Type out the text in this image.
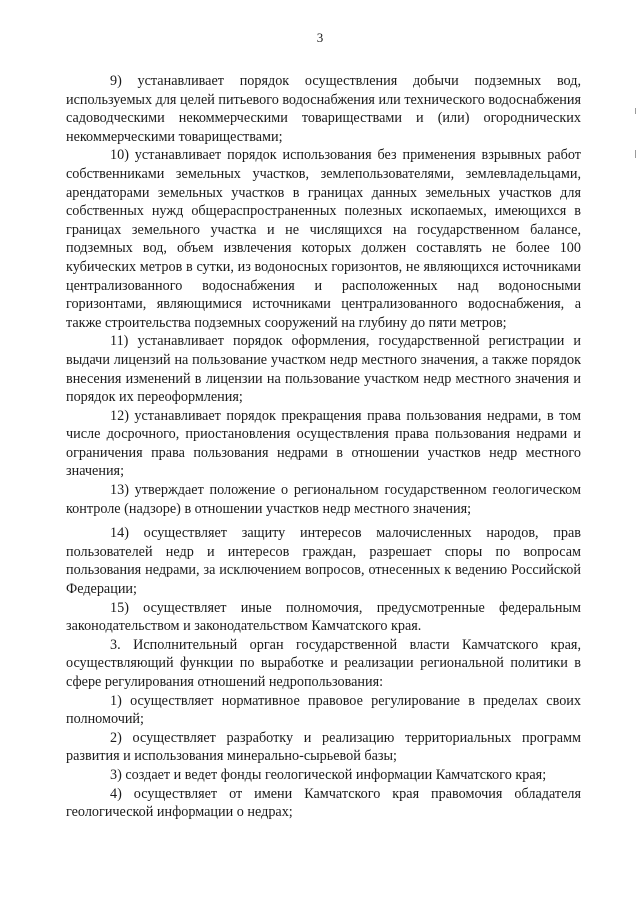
3

9) устанавливает порядок осуществления добычи подземных вод, используемых для целей питьевого водоснабжения или технического водоснабжения садоводческими некоммерческими товариществами и (или) огороднических некоммерческими товариществами;

10) устанавливает порядок использования без применения взрывных работ собственниками земельных участков, землепользователями, землевладельцами, арендаторами земельных участков в границах данных земельных участков для собственных нужд общераспространенных полезных ископаемых, имеющихся в границах земельного участка и не числящихся на государственном балансе, подземных вод, объем извлечения которых должен составлять не более 100 кубических метров в сутки, из водоносных горизонтов, не являющихся источниками централизованного водоснабжения и расположенных над водоносными горизонтами, являющимися источниками централизованного водоснабжения, а также строительства подземных сооружений на глубину до пяти метров;

11) устанавливает порядок оформления, государственной регистрации и выдачи лицензий на пользование участком недр местного значения, а также порядок внесения изменений в лицензии на пользование участком недр местного значения и порядок их переоформления;

12) устанавливает порядок прекращения права пользования недрами, в том числе досрочного, приостановления осуществления права пользования недрами и ограничения права пользования недрами в отношении участков недр местного значения;

13) утверждает положение о региональном государственном геологическом контроле (надзоре) в отношении участков недр местного значения;

14) осуществляет защиту интересов малочисленных народов, прав пользователей недр и интересов граждан, разрешает споры по вопросам пользования недрами, за исключением вопросов, отнесенных к ведению Российской Федерации;

15) осуществляет иные полномочия, предусмотренные федеральным законодательством и законодательством Камчатского края.

3. Исполнительный орган государственной власти Камчатского края, осуществляющий функции по выработке и реализации региональной политики в сфере регулирования отношений недропользования:

1) осуществляет нормативное правовое регулирование в пределах своих полномочий;

2) осуществляет разработку и реализацию территориальных программ развития и использования минерально-сырьевой базы;

3) создает и ведет фонды геологической информации Камчатского края;

4) осуществляет от имени Камчатского края правомочия обладателя геологической информации о недрах;
